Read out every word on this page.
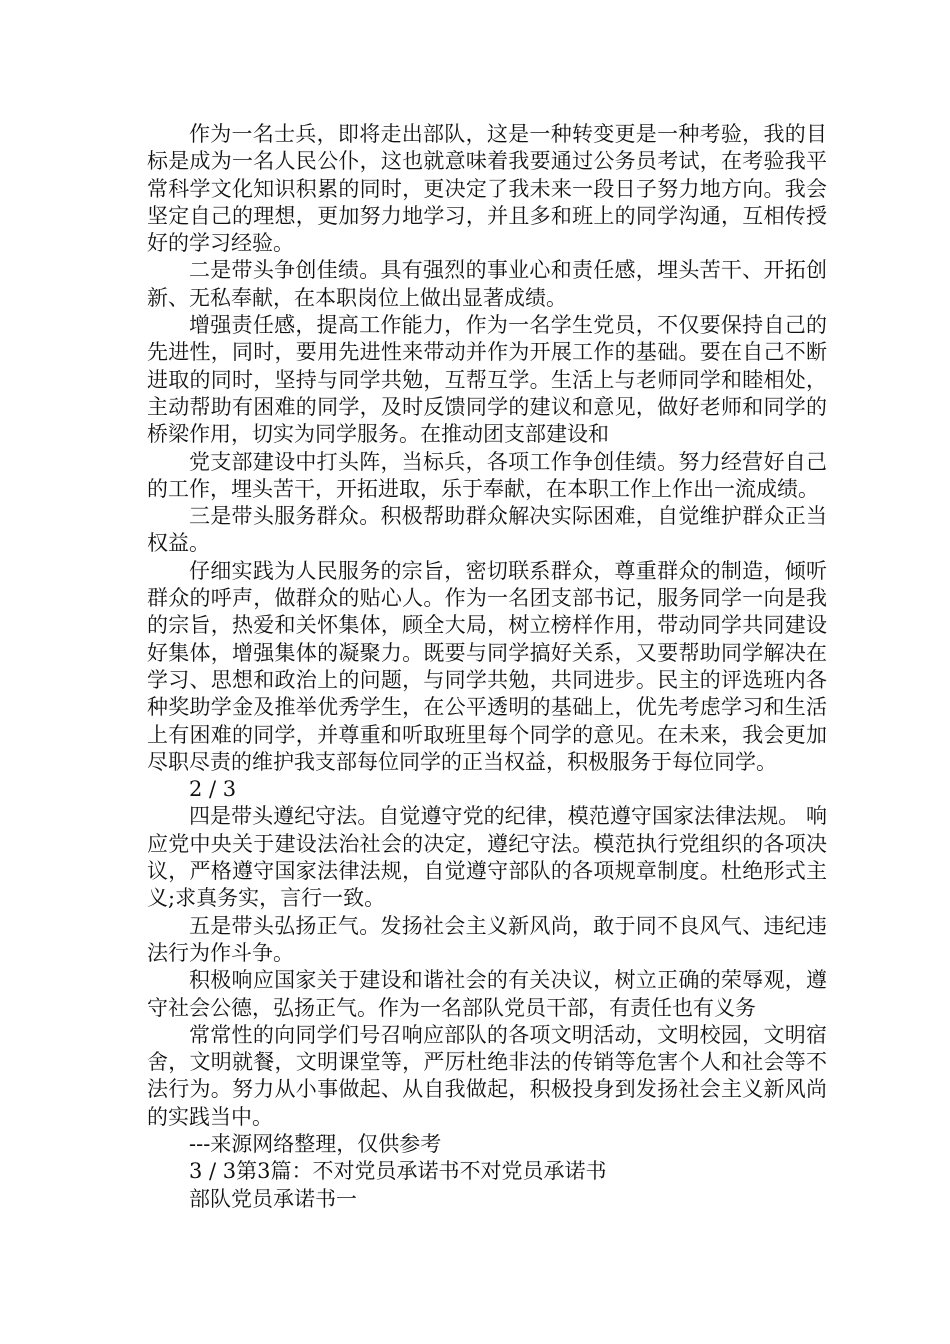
作为一名士兵，即将走出部队，这是一种转变更是一种考验，我的目标是成为一名人民公仆，这也就意味着我要通过公务员考试，在考验我平常科学文化知识积累的同时，更决定了我未来一段日子努力地方向。我会坚定自己的理想，更加努力地学习，并且多和班上的同学沟通，互相传授好的学习经验。

二是带头争创佳绩。具有强烈的事业心和责任感，埋头苦干、开拓创新、无私奉献，在本职岗位上做出显著成绩。

增强责任感，提高工作能力，作为一名学生党员，不仅要保持自己的先进性，同时，要用先进性来带动并作为开展工作的基础。要在自己不断进取的同时，坚持与同学共勉，互帮互学。生活上与老师同学和睦相处，主动帮助有困难的同学，及时反馈同学的建议和意见，做好老师和同学的桥梁作用，切实为同学服务。在推动团支部建设和

党支部建设中打头阵，当标兵，各项工作争创佳绩。努力经营好自己的工作，埋头苦干，开拓进取，乐于奉献，在本职工作上作出一流成绩。

三是带头服务群众。积极帮助群众解决实际困难，自觉维护群众正当权益。

仔细实践为人民服务的宗旨，密切联系群众，尊重群众的制造，倾听群众的呼声，做群众的贴心人。作为一名团支部书记，服务同学一向是我的宗旨，热爱和关怀集体，顾全大局，树立榜样作用，带动同学共同建设好集体，增强集体的凝聚力。既要与同学搞好关系，又要帮助同学解决在学习、思想和政治上的问题，与同学共勉，共同进步。民主的评选班内各种奖助学金及推举优秀学生，在公平透明的基础上，优先考虑学习和生活上有困难的同学，并尊重和听取班里每个同学的意见。在未来，我会更加尽职尽责的维护我支部每位同学的正当权益，积极服务于每位同学。

2 / 3

四是带头遵纪守法。自觉遵守党的纪律，模范遵守国家法律法规。 响应党中央关于建设法治社会的决定，遵纪守法。模范执行党组织的各项决议，严格遵守国家法律法规，自觉遵守部队的各项规章制度。杜绝形式主义;求真务实，言行一致。

五是带头弘扬正气。发扬社会主义新风尚，敢于同不良风气、违纪违法行为作斗争。

积极响应国家关于建设和谐社会的有关决议，树立正确的荣辱观，遵守社会公德，弘扬正气。作为一名部队党员干部，有责任也有义务

常常性的向同学们号召响应部队的各项文明活动，文明校园，文明宿舍，文明就餐，文明课堂等，严厉杜绝非法的传销等危害个人和社会等不法行为。努力从小事做起、从自我做起，积极投身到发扬社会主义新风尚的实践当中。

---来源网络整理，仅供参考

3 / 3第3篇：不对党员承诺书不对党员承诺书

部队党员承诺书一
